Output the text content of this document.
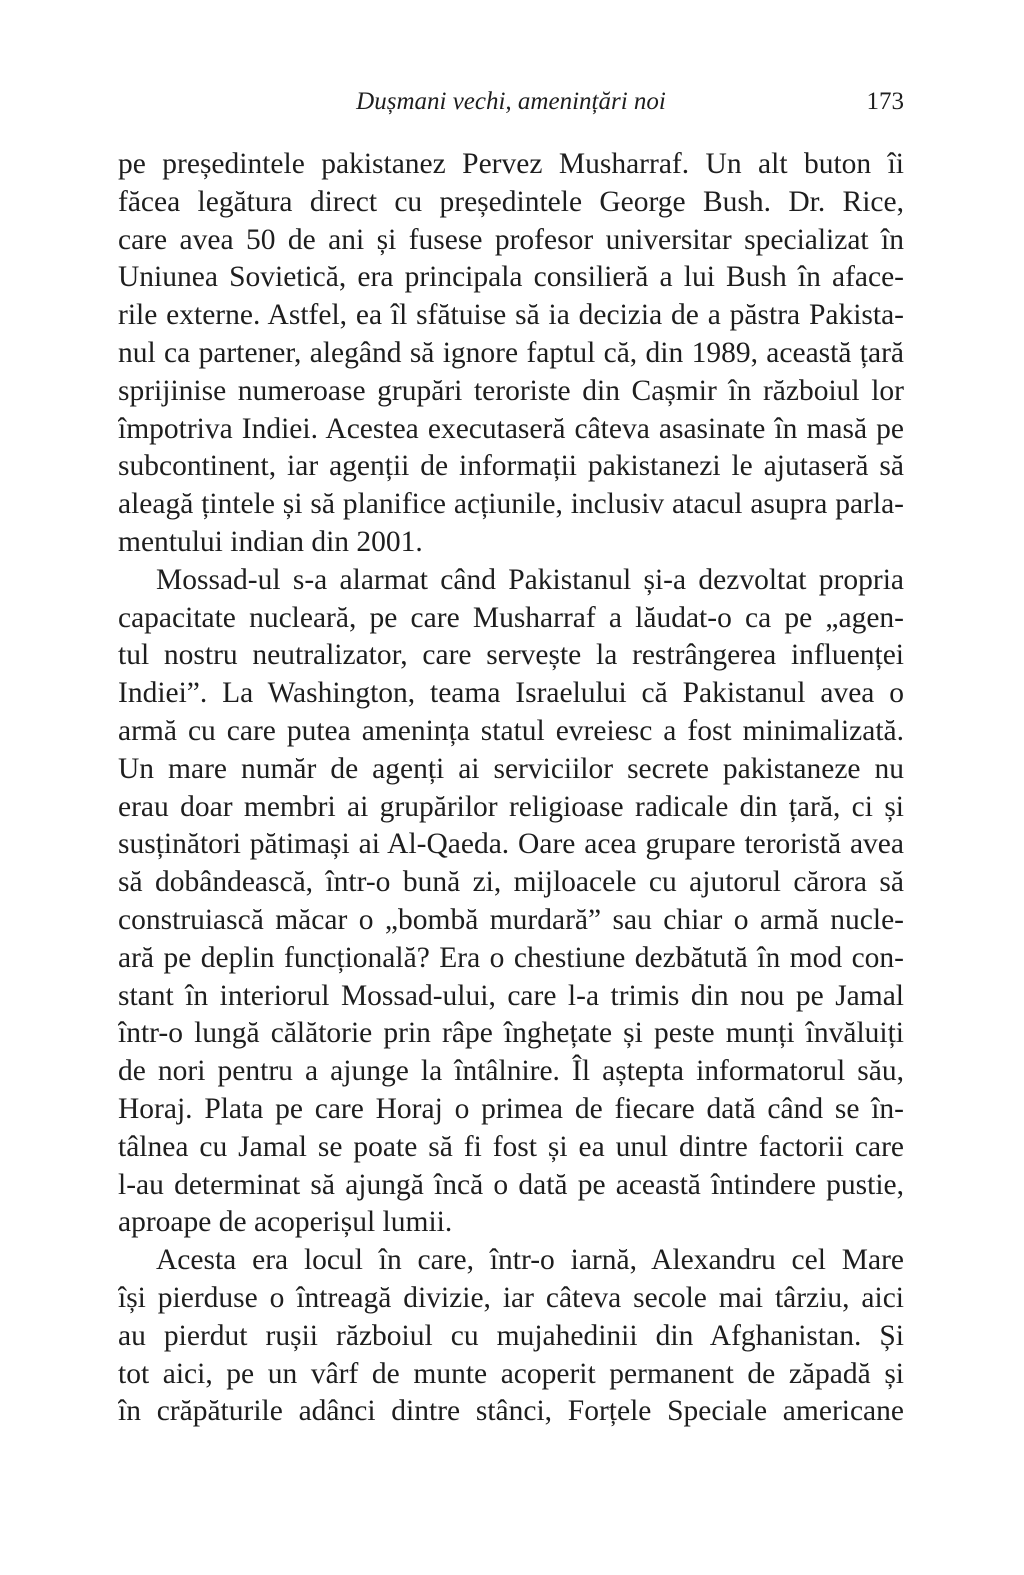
Dușmani vechi, amenințări noi	173
pe președintele pakistanez Pervez Musharraf. Un alt buton îi
făcea legătura direct cu președintele George Bush. Dr. Rice,
care avea 50 de ani și fusese profesor universitar specializat în
Uniunea Sovietică, era principala consilieră a lui Bush în aface-
rile externe. Astfel, ea îl sfătuise să ia decizia de a păstra Pakista-
nul ca partener, alegând să ignore faptul că, din 1989, această țară
sprijinise numeroase grupări teroriste din Cașmir în războiul lor
împotriva Indiei. Acestea executaseră câteva asasinate în masă pe
subcontinent, iar agenții de informații pakistanezi le ajutaseră să
aleagă țintele și să planifice acțiunile, inclusiv atacul asupra parla-
mentului indian din 2001.
Mossad-ul s-a alarmat când Pakistanul și-a dezvoltat propria
capacitate nucleară, pe care Musharraf a lăudat-o ca pe „agen-
tul nostru neutralizator, care servește la restrângerea influenței
Indiei”. La Washington, teama Israelului că Pakistanul avea o
armă cu care putea amenința statul evreiesc a fost minimalizată.
Un mare număr de agenți ai serviciilor secrete pakistaneze nu
erau doar membri ai grupărilor religioase radicale din țară, ci și
susținători pătimași ai Al-Qaeda. Oare acea grupare teroristă avea
să dobândească, într-o bună zi, mijloacele cu ajutorul cărora să
construiască măcar o „bombă murdară” sau chiar o armă nucle-
ară pe deplin funcțională? Era o chestiune dezbătută în mod con-
stant în interiorul Mossad-ului, care l-a trimis din nou pe Jamal
într-o lungă călătorie prin râpe înghețate și peste munți învăluiți
de nori pentru a ajunge la întâlnire. Îl aștepta informatorul său,
Horaj. Plata pe care Horaj o primea de fiecare dată când se în-
tâlnea cu Jamal se poate să fi fost și ea unul dintre factorii care
l-au determinat să ajungă încă o dată pe această întindere pustie,
aproape de acoperișul lumii.
Acesta era locul în care, într-o iarnă, Alexandru cel Mare
își pierduse o întreagă divizie, iar câteva secole mai târziu, aici
au pierdut rușii războiul cu mujahedinii din Afghanistan. Și
tot aici, pe un vârf de munte acoperit permanent de zăpadă și
în crăpăturile adânci dintre stânci, Forțele Speciale americane
